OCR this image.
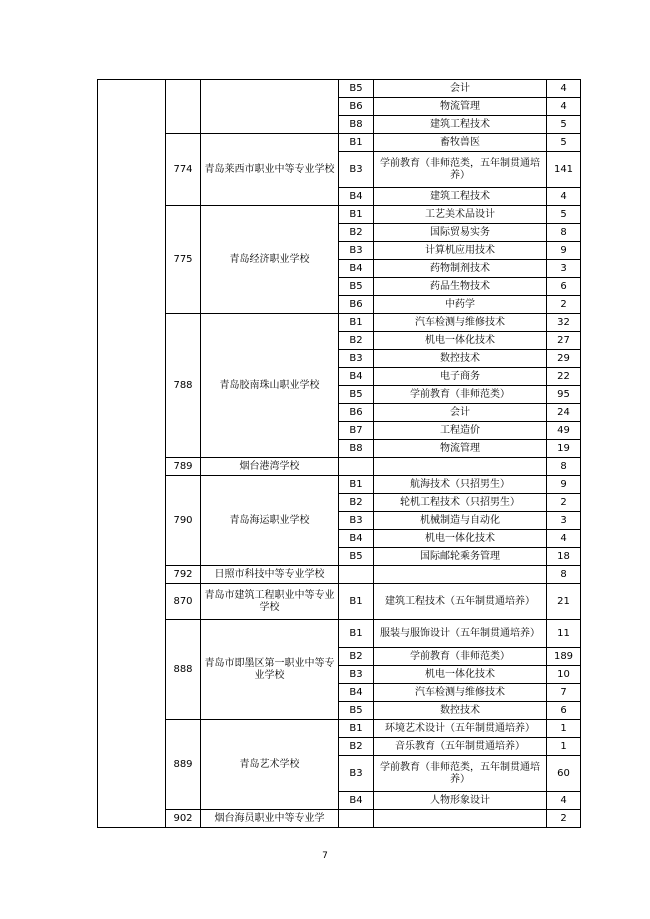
			B5	会计	4
			B6	物流管理	4
			B8	建筑工程技术	5
	774	青岛莱西市职业中等专业学校	B1	畜牧兽医	5
			B3	学前教育（非师范类，五年制贯通培养）	141
			B4	建筑工程技术	4
	775	青岛经济职业学校	B1	工艺美术品设计	5
			B2	国际贸易实务	8
			B3	计算机应用技术	9
			B4	药物制剂技术	3
			B5	药品生物技术	6
			B6	中药学	2
	788	青岛胶南珠山职业学校	B1	汽车检测与维修技术	32
			B2	机电一体化技术	27
			B3	数控技术	29
			B4	电子商务	22
			B5	学前教育（非师范类）	95
			B6	会计	24
			B7	工程造价	49
			B8	物流管理	19
	789	烟台港湾学校			8
	790	青岛海运职业学校	B1	航海技术（只招男生）	9
			B2	轮机工程技术（只招男生）	2
			B3	机械制造与自动化	3
			B4	机电一体化技术	4
			B5	国际邮轮乘务管理	18
	792	日照市科技中等专业学校			8
	870	青岛市建筑工程职业中等专业学校	B1	建筑工程技术（五年制贯通培养）	21
	888	青岛市即墨区第一职业中等专业学校	B1	服装与服饰设计（五年制贯通培养）	11
			B2	学前教育（非师范类）	189
			B3	机电一体化技术	10
			B4	汽车检测与维修技术	7
			B5	数控技术	6
	889	青岛艺术学校	B1	环境艺术设计（五年制贯通培养）	1
			B2	音乐教育（五年制贯通培养）	1
			B3	学前教育（非师范类，五年制贯通培养）	60
			B4	人物形象设计	4
	902	烟台海员职业中等专业学			2
7
